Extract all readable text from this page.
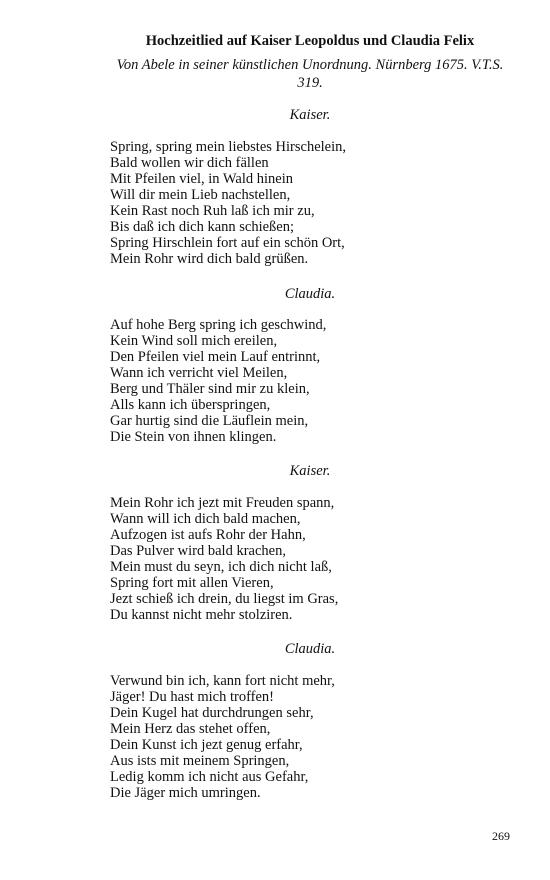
Hochzeitlied auf Kaiser Leopoldus und Claudia Felix
Von Abele in seiner künstlichen Unordnung. Nürnberg 1675. V.T.S.
319.
Kaiser.
Spring, spring mein liebstes Hirschelein,
Bald wollen wir dich fällen
Mit Pfeilen viel, in Wald hinein
Will dir mein Lieb nachstellen,
Kein Rast noch Ruh laß ich mir zu,
Bis daß ich dich kann schießen;
Spring Hirschlein fort auf ein schön Ort,
Mein Rohr wird dich bald grüßen.
Claudia.
Auf hohe Berg spring ich geschwind,
Kein Wind soll mich ereilen,
Den Pfeilen viel mein Lauf entrinnt,
Wann ich verricht viel Meilen,
Berg und Thäler sind mir zu klein,
Alls kann ich überspringen,
Gar hurtig sind die Läuflein mein,
Die Stein von ihnen klingen.
Kaiser.
Mein Rohr ich jezt mit Freuden spann,
Wann will ich dich bald machen,
Aufzogen ist aufs Rohr der Hahn,
Das Pulver wird bald krachen,
Mein must du seyn, ich dich nicht laß,
Spring fort mit allen Vieren,
Jezt schieß ich drein, du liegst im Gras,
Du kannst nicht mehr stolziren.
Claudia.
Verwund bin ich, kann fort nicht mehr,
Jäger! Du hast mich troffen!
Dein Kugel hat durchdrungen sehr,
Mein Herz das stehet offen,
Dein Kunst ich jezt genug erfahr,
Aus ists mit meinem Springen,
Ledig komm ich nicht aus Gefahr,
Die Jäger mich umringen.
269
